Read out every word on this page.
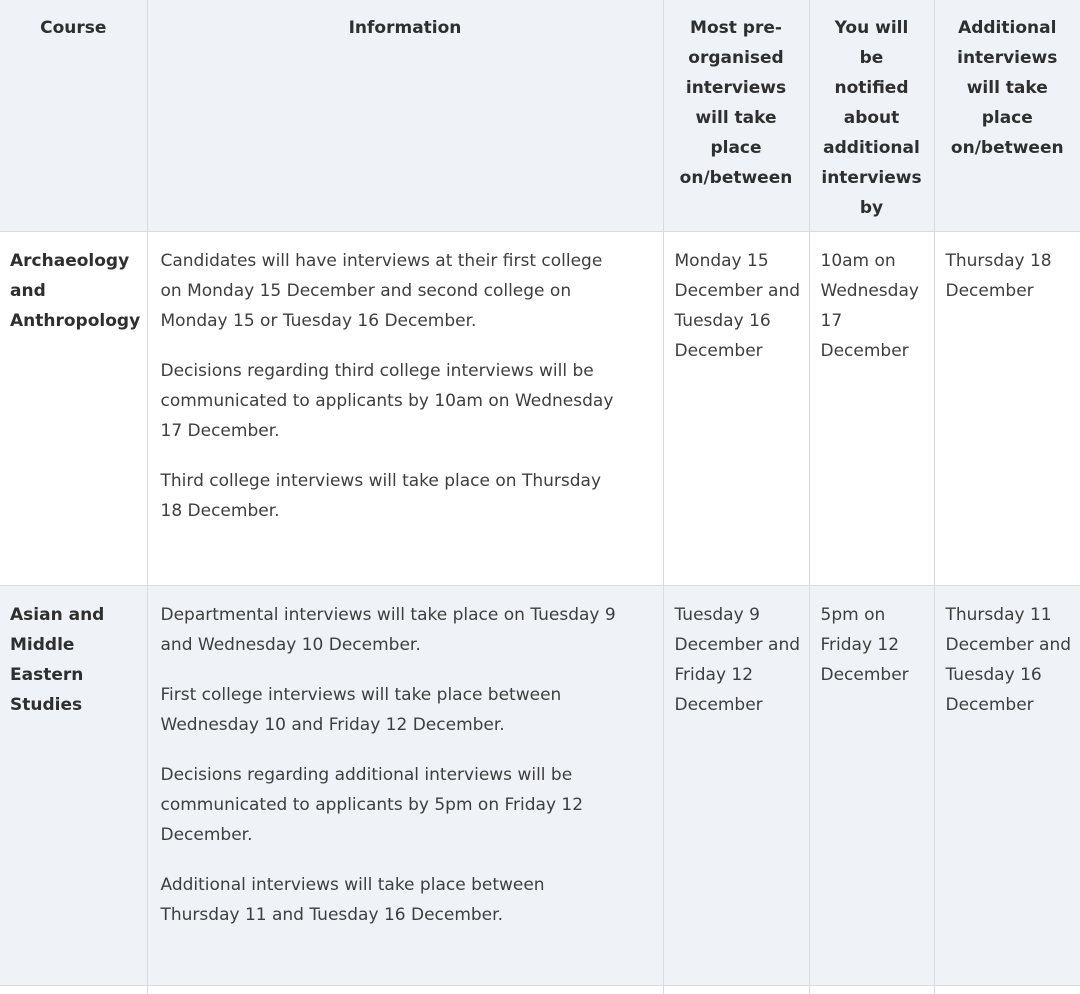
Course	Information	Most pre-organised interviews will take place on/between	You will be notified about additional interviews by	Additional interviews will take place on/between
Archaeology and Anthropology	Candidates will have interviews at their first college on Monday 15 December and second college on Monday 15 or Tuesday 16 December.

Decisions regarding third college interviews will be communicated to applicants by 10am on Wednesday 17 December.

Third college interviews will take place on Thursday 18 December.	Monday 15 December and Tuesday 16 December	10am on Wednesday 17 December	Thursday 18 December
Asian and Middle Eastern Studies	Departmental interviews will take place on Tuesday 9 and Wednesday 10 December.

First college interviews will take place between Wednesday 10 and Friday 12 December.

Decisions regarding additional interviews will be communicated to applicants by 5pm on Friday 12 December.

Additional interviews will take place between Thursday 11 and Tuesday 16 December.	Tuesday 9 December and Friday 12 December	5pm on Friday 12 December	Thursday 11 December and Tuesday 16 December
